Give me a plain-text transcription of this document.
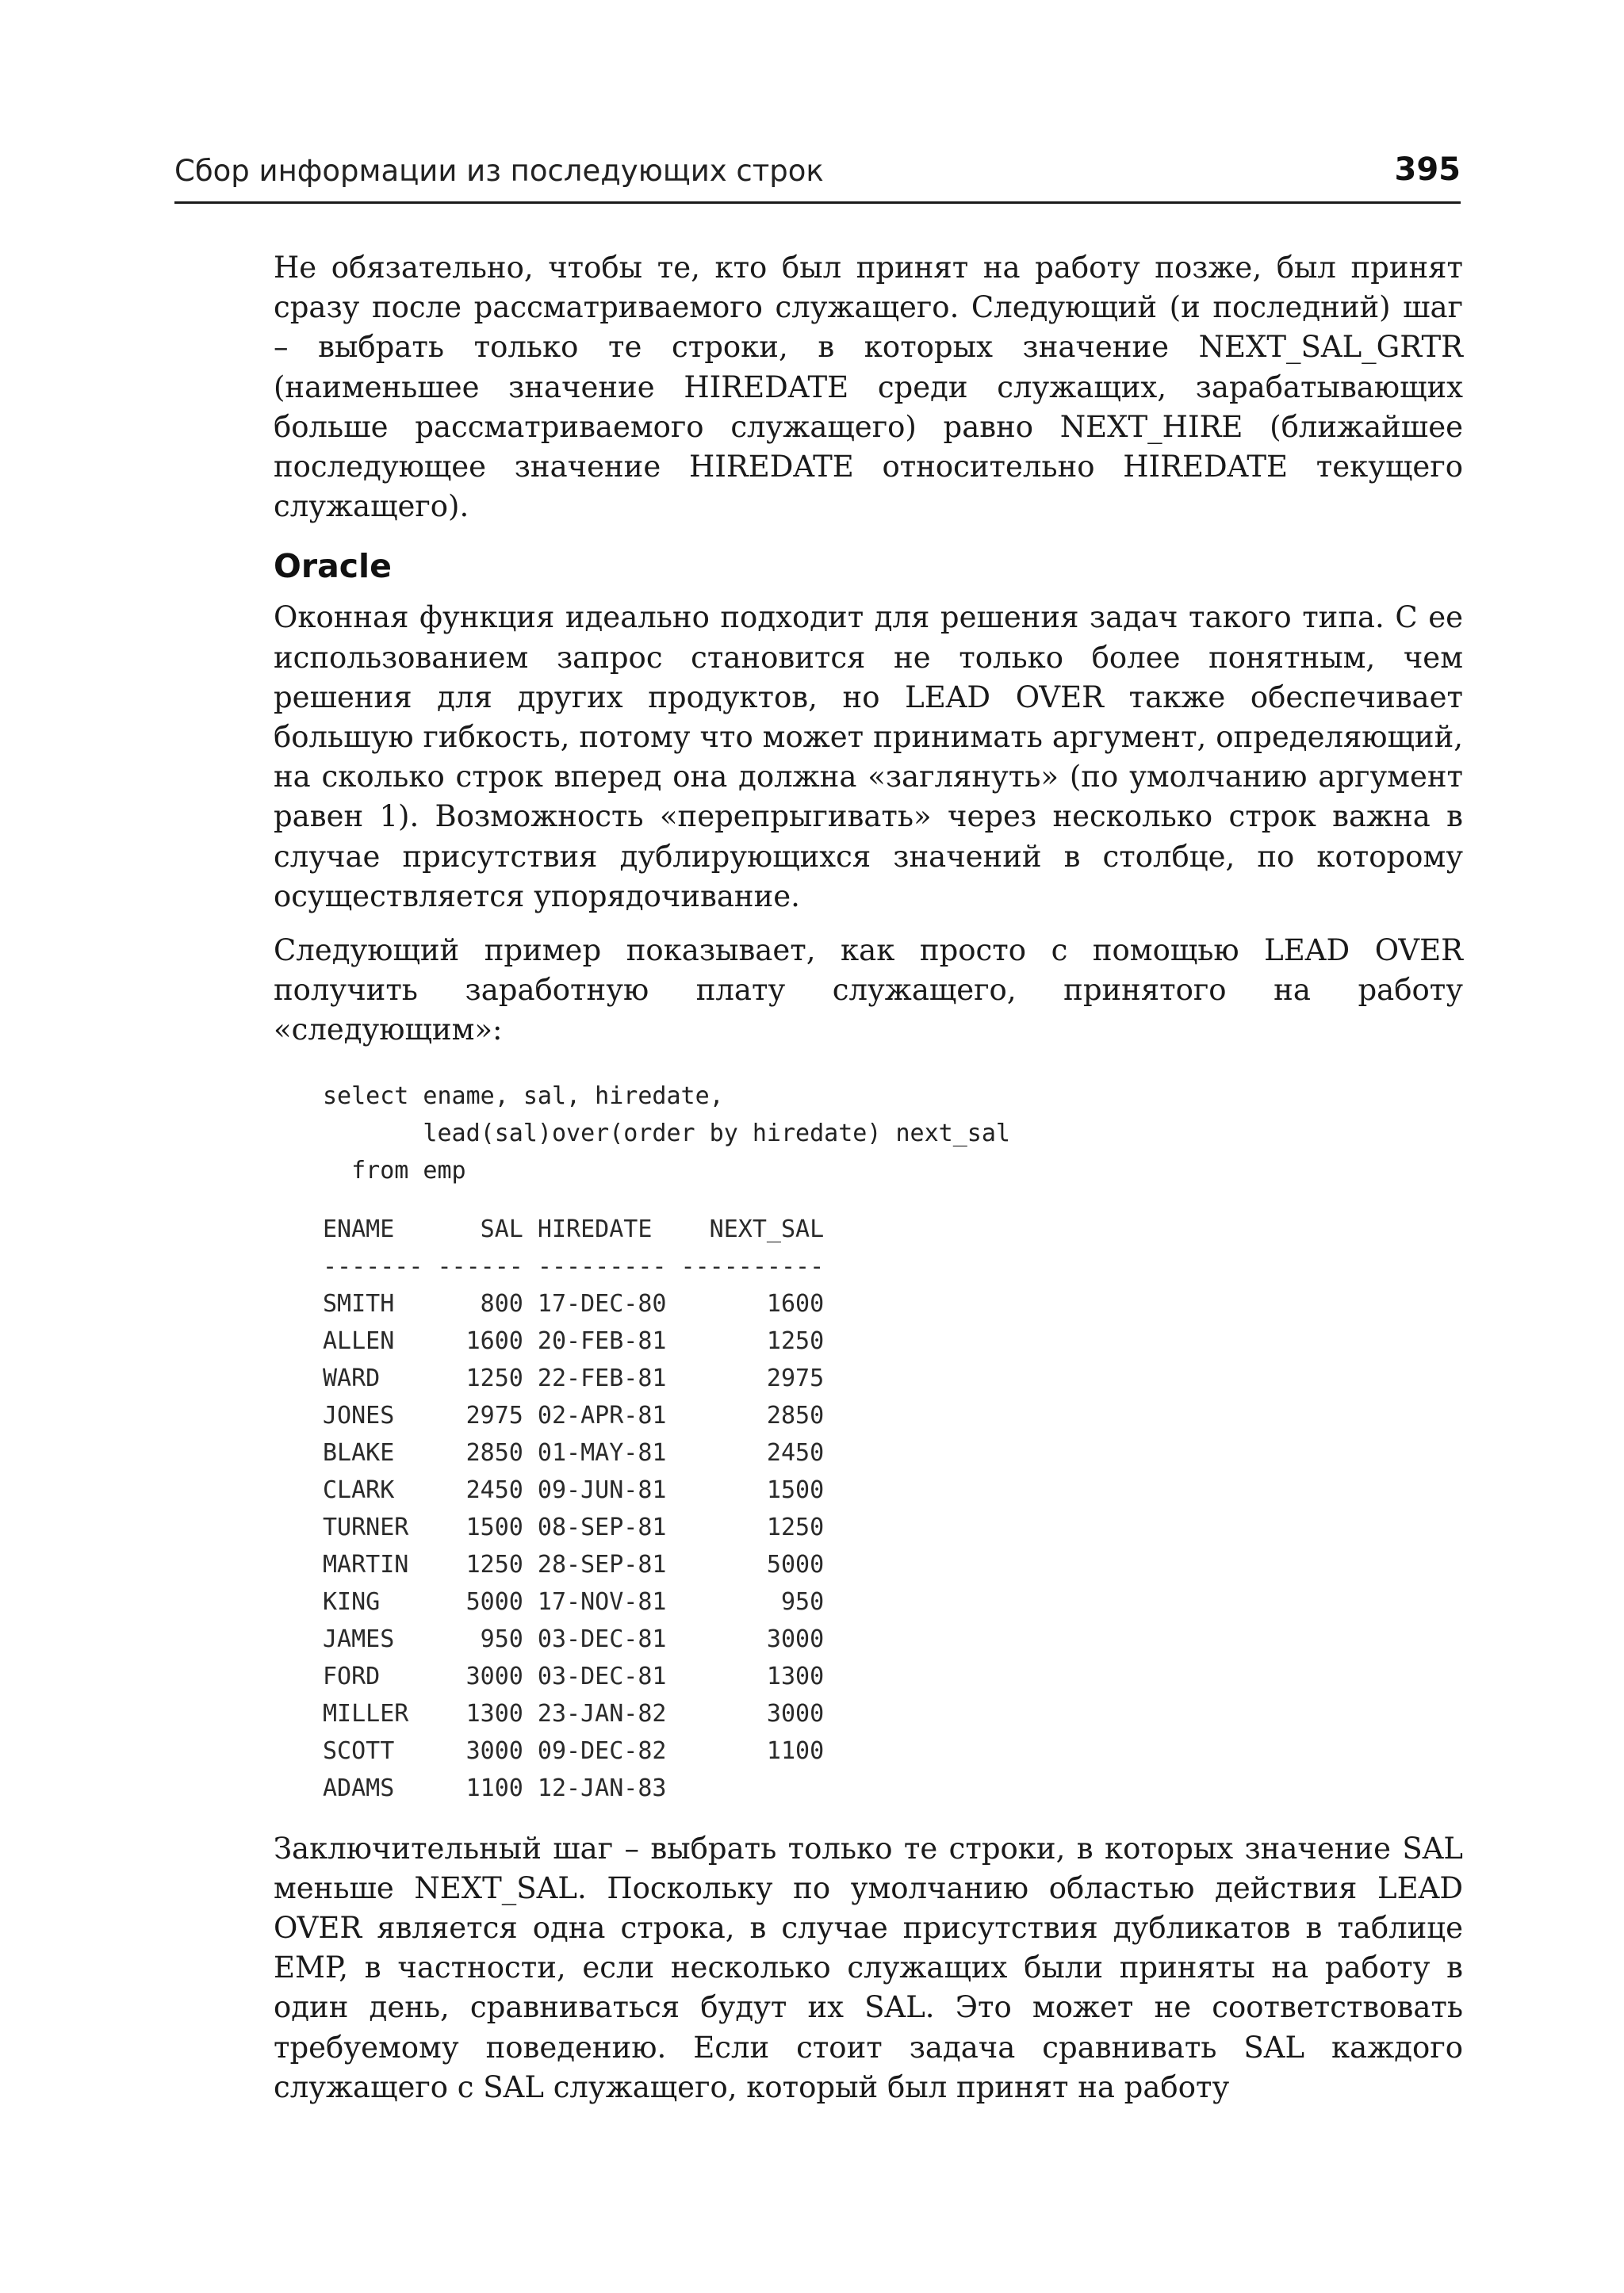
Сбор информации из последующих строк	395

Не обязательно, чтобы те, кто был принят на работу позже, был принят сразу после рассматриваемого служащего. Следующий (и последний) шаг – выбрать только те строки, в которых значение NEXT_SAL_GRTR (наименьшее значение HIREDATE среди служащих, зарабатывающих больше рассматриваемого служащего) равно NEXT_HIRE (ближайшее последующее значение HIREDATE относительно HIREDATE текущего служащего).

Oracle

Оконная функция идеально подходит для решения задач такого типа. С ее использованием запрос становится не только более понятным, чем решения для других продуктов, но LEAD OVER также обеспечивает большую гибкость, потому что может принимать аргумент, определяющий, на сколько строк вперед она должна «заглянуть» (по умолчанию аргумент равен 1). Возможность «перепрыгивать» через несколько строк важна в случае присутствия дублирующихся значений в столбце, по которому осуществляется упорядочивание.

Следующий пример показывает, как просто с помощью LEAD OVER получить заработную плату служащего, принятого на работу «следующим»:

select ename, sal, hiredate,
lead(sal)over(order by hiredate) next_sal
from emp
ENAME      SAL HIREDATE    NEXT_SAL
------- ------ --------- ----------
SMITH      800 17-DEC-80       1600
ALLEN     1600 20-FEB-81       1250
WARD      1250 22-FEB-81       2975
JONES     2975 02-APR-81       2850
BLAKE     2850 01-MAY-81       2450
CLARK     2450 09-JUN-81       1500
TURNER    1500 08-SEP-81       1250
MARTIN    1250 28-SEP-81       5000
KING      5000 17-NOV-81        950
JAMES      950 03-DEC-81       3000
FORD      3000 03-DEC-81       1300
MILLER    1300 23-JAN-82       3000
SCOTT     3000 09-DEC-82       1100
ADAMS     1100 12-JAN-83

Заключительный шаг – выбрать только те строки, в которых значение SAL меньше NEXT_SAL. Поскольку по умолчанию областью действия LEAD OVER является одна строка, в случае присутствия дубликатов в таблице EMP, в частности, если несколько служащих были приняты на работу в один день, сравниваться будут их SAL. Это может не соответствовать требуемому поведению. Если стоит задача сравнивать SAL каждого служащего с SAL служащего, который был принят на работу
